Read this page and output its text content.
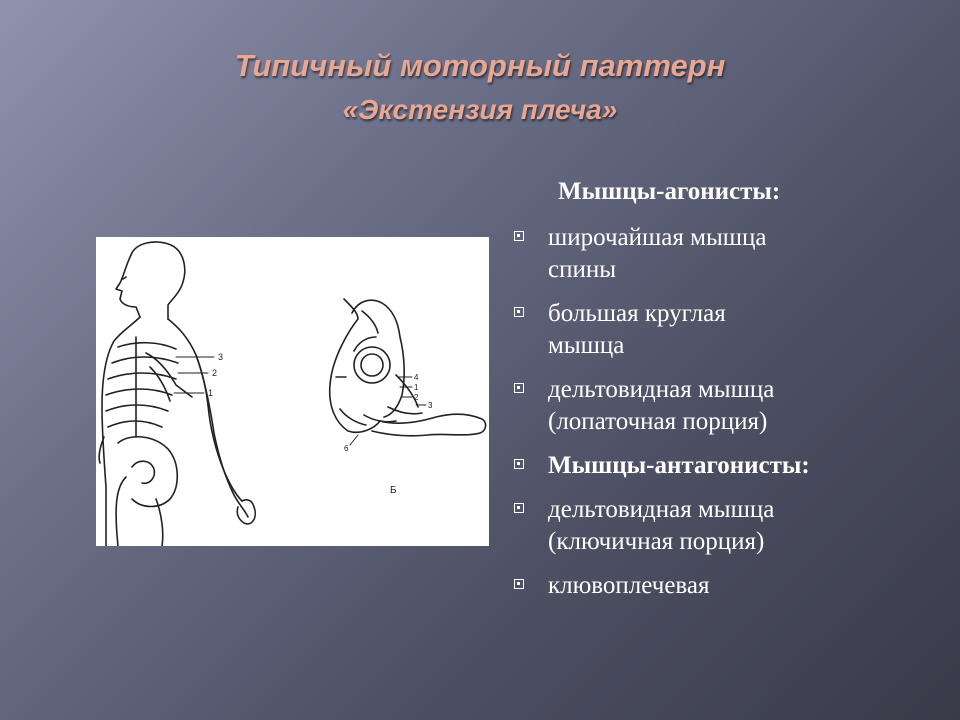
Типичный моторный паттерн
«Экстензия плеча»
Мышцы-агонисты:
широчайшая мышца
спины
большая круглая
мышца
дельтовидная мышца
(лопаточная порция)
Мышцы-антагонисты:
дельтовидная мышца
(ключичная порция)
клювоплечевая
3
2
1
4
1
2
3
6
Б
